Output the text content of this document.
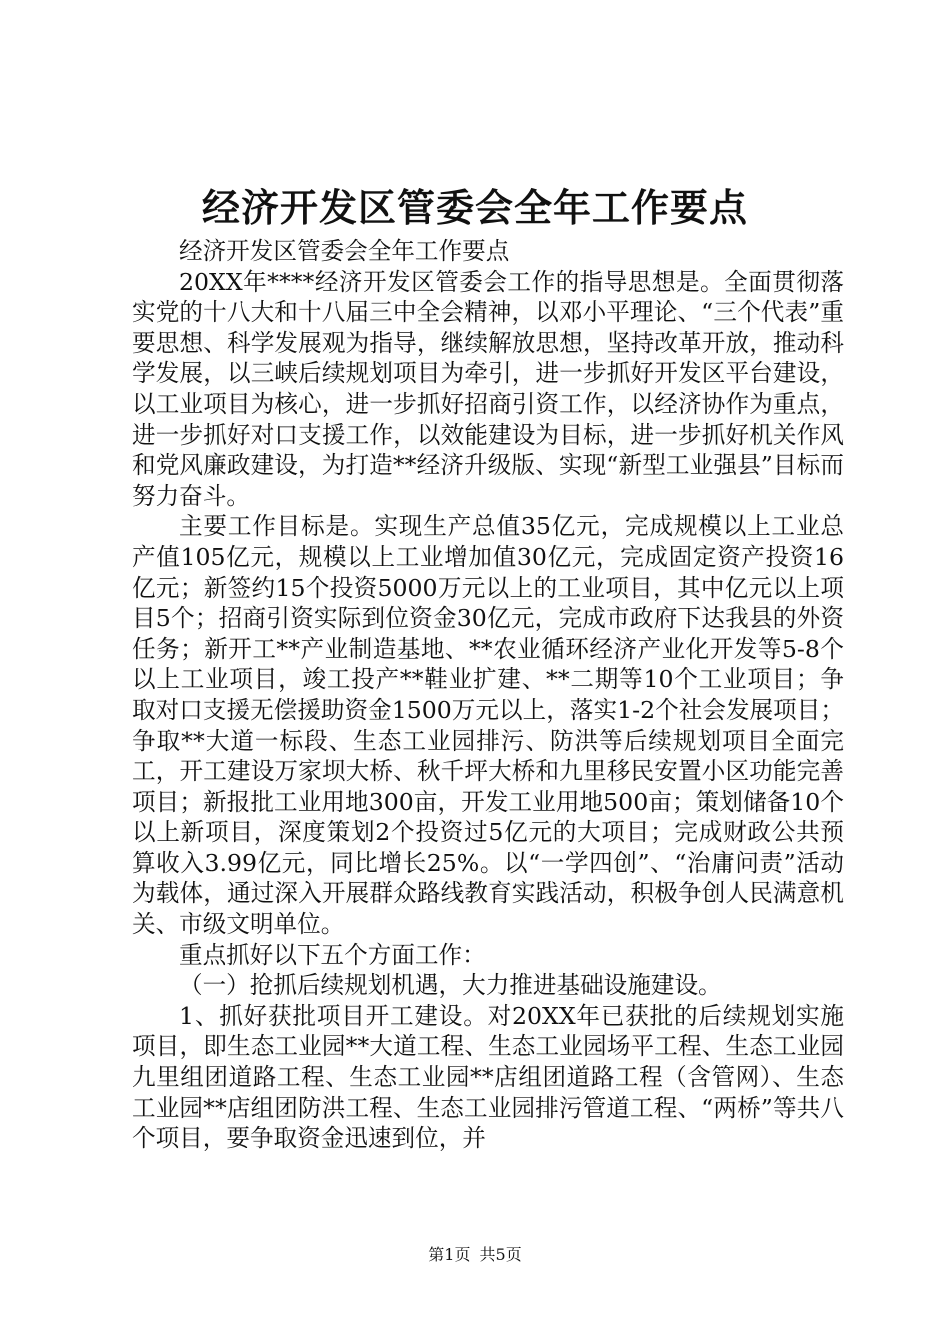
经济开发区管委会全年工作要点

经济开发区管委会全年工作要点

20XX年****经济开发区管委会工作的指导思想是。全面贯彻落实党的十八大和十八届三中全会精神，以邓小平理论、“三个代表”重要思想、科学发展观为指导，继续解放思想，坚持改革开放，推动科学发展，以三峡后续规划项目为牵引，进一步抓好开发区平台建设，以工业项目为核心，进一步抓好招商引资工作，以经济协作为重点，进一步抓好对口支援工作，以效能建设为目标，进一步抓好机关作风和党风廉政建设，为打造**经济升级版、实现“新型工业强县”目标而努力奋斗。

主要工作目标是。实现生产总值35亿元，完成规模以上工业总产值105亿元，规模以上工业增加值30亿元，完成固定资产投资16亿元；新签约15个投资5000万元以上的工业项目，其中亿元以上项目5个；招商引资实际到位资金30亿元，完成市政府下达我县的外资任务；新开工**产业制造基地、**农业循环经济产业化开发等5-8个以上工业项目，竣工投产**鞋业扩建、**二期等10个工业项目；争取对口支援无偿援助资金1500万元以上，落实1-2个社会发展项目；争取**大道一标段、生态工业园排污、防洪等后续规划项目全面完工，开工建设万家坝大桥、秋千坪大桥和九里移民安置小区功能完善项目；新报批工业用地300亩，开发工业用地500亩；策划储备10个以上新项目，深度策划2个投资过5亿元的大项目；完成财政公共预算收入3.99亿元，同比增长25%。以“一学四创”、“治庸问责”活动为载体，通过深入开展群众路线教育实践活动，积极争创人民满意机关、市级文明单位。

重点抓好以下五个方面工作：

（一）抢抓后续规划机遇，大力推进基础设施建设。

1、抓好获批项目开工建设。对20XX年已获批的后续规划实施项目，即生态工业园**大道工程、生态工业园场平工程、生态工业园九里组团道路工程、生态工业园**店组团道路工程（含管网）、生态工业园**店组团防洪工程、生态工业园排污管道工程、“两桥”等共八个项目，要争取资金迅速到位，并

第1页 共5页
